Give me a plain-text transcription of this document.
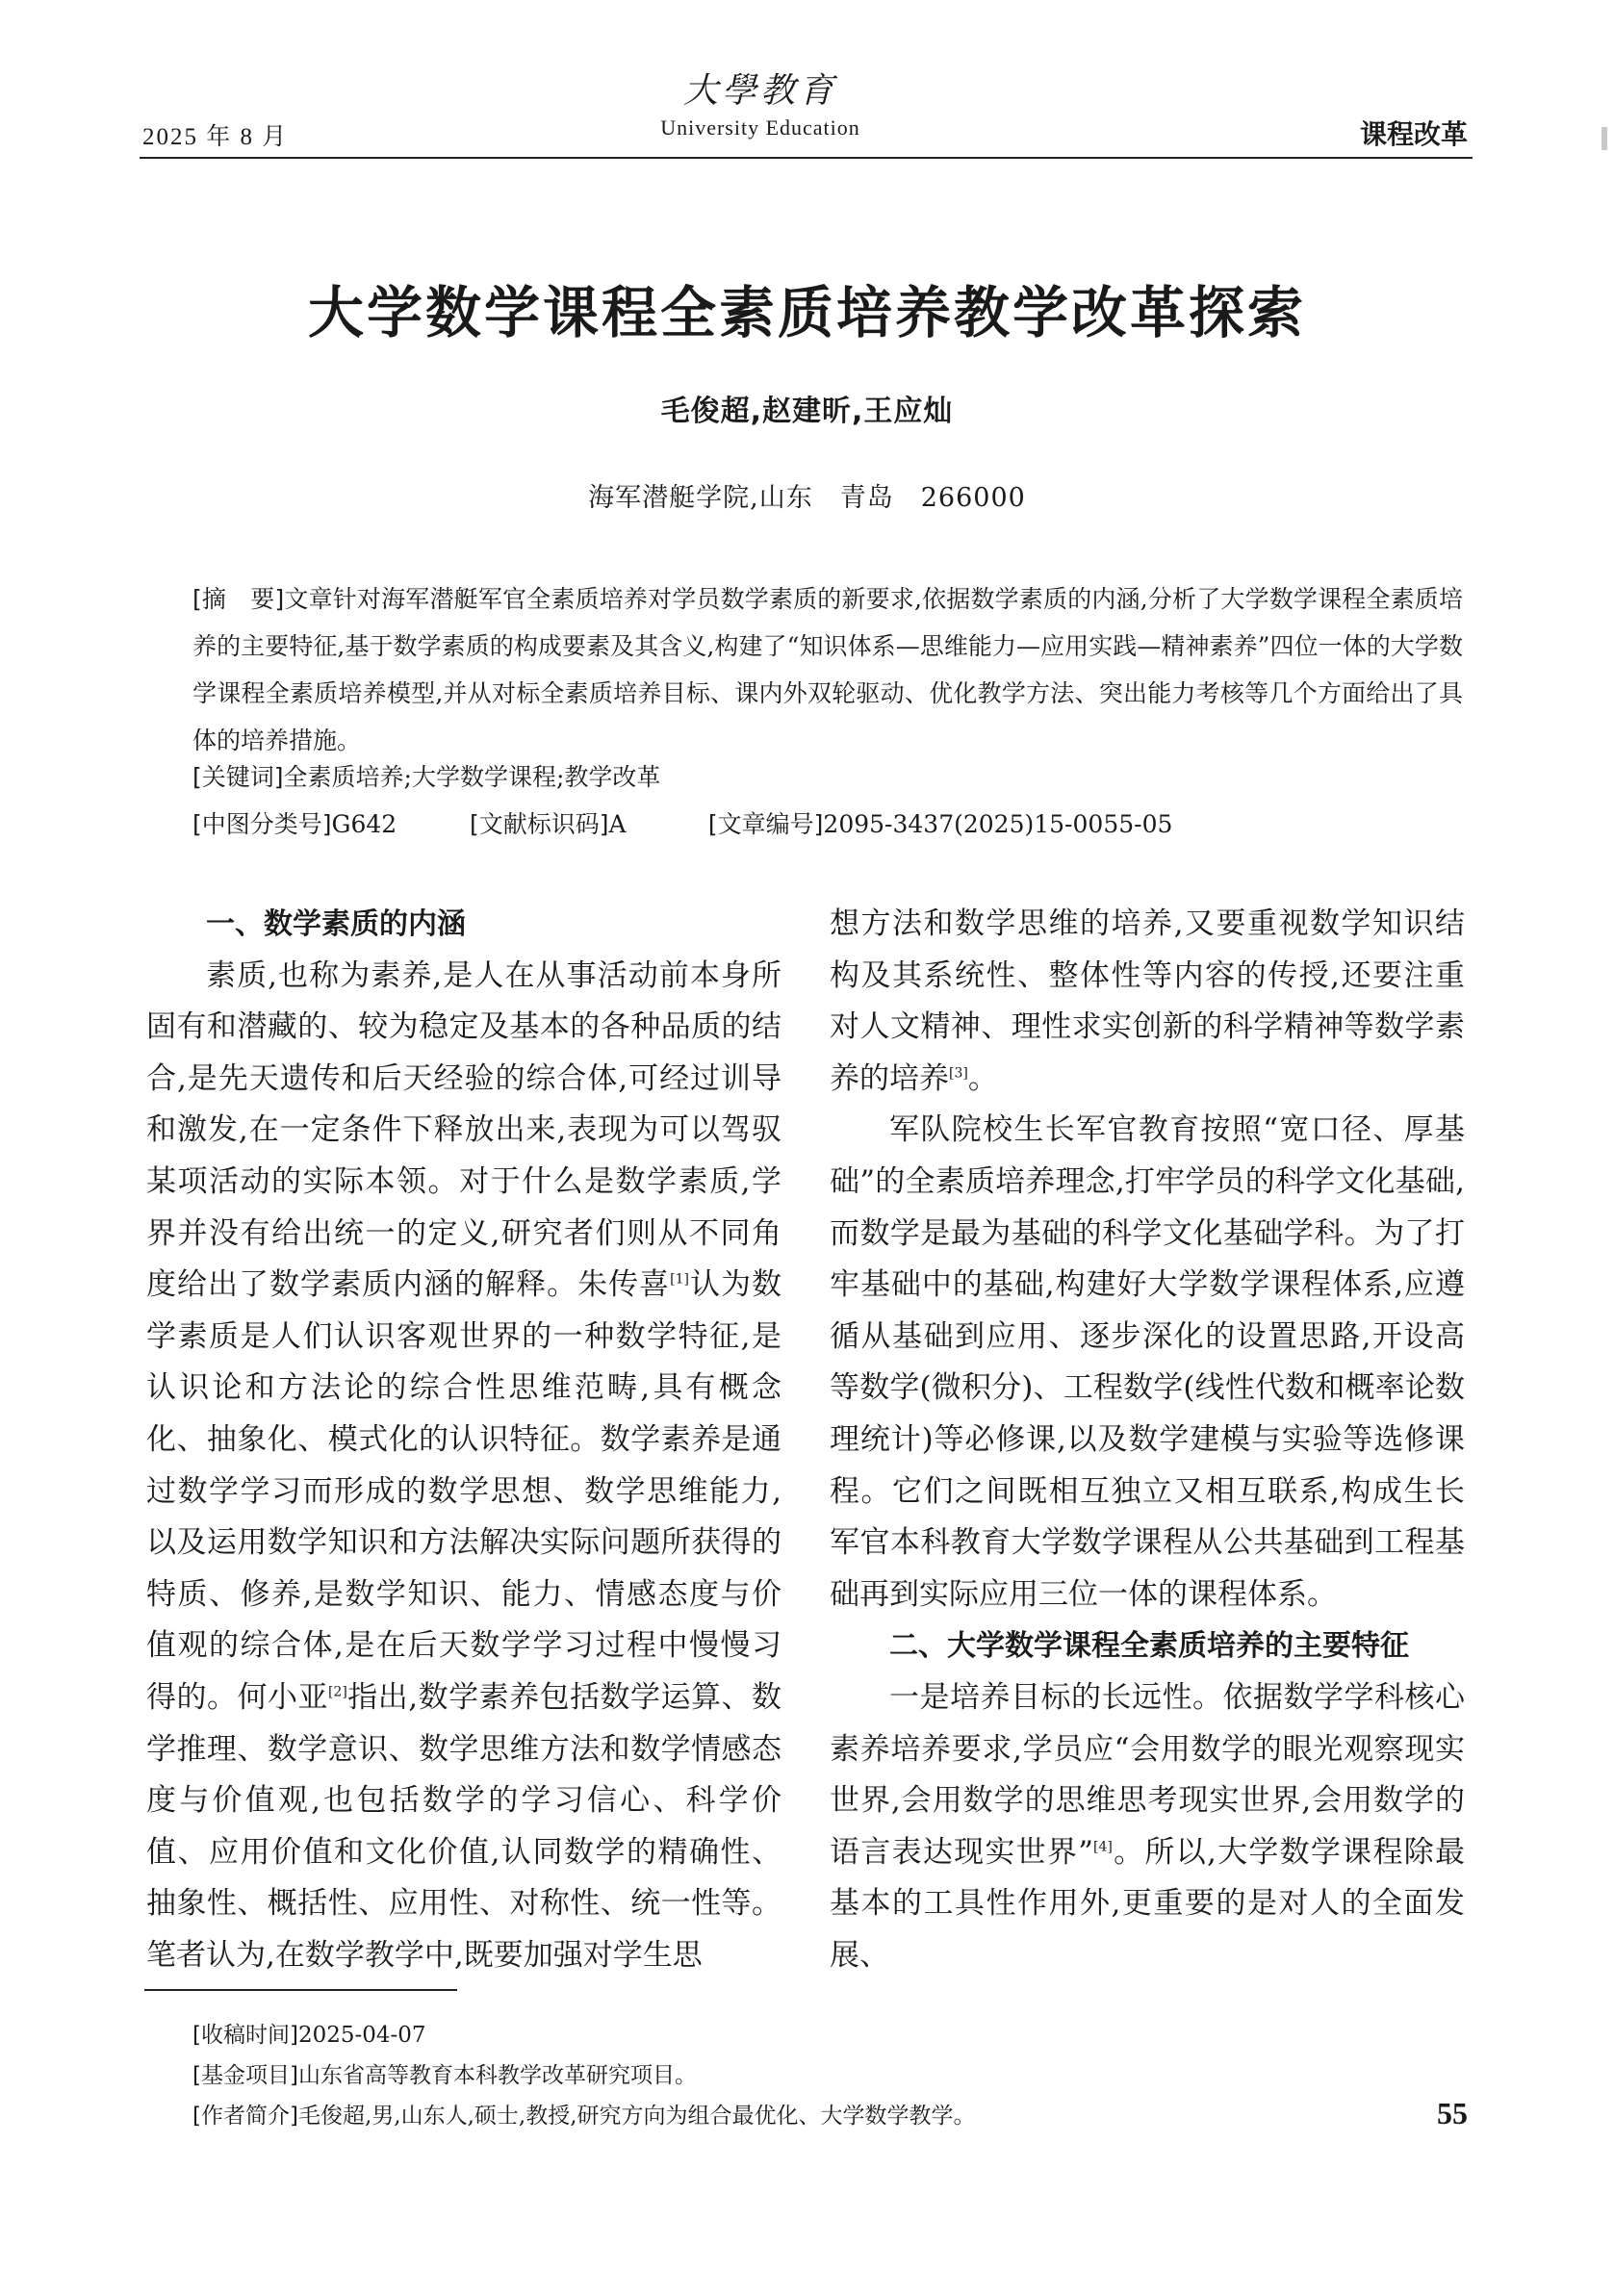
2025 年 8 月
大學教育
University Education	课程改革
大学数学课程全素质培养教学改革探索
毛俊超,赵建昕,王应灿
海军潜艇学院,山东　青岛　266000
[摘　要]文章针对海军潜艇军官全素质培养对学员数学素质的新要求,依据数学素质的内涵,分析了大学数学课程全素质培养的主要特征,基于数学素质的构成要素及其含义,构建了“知识体系—思维能力—应用实践—精神素养”四位一体的大学数学课程全素质培养模型,并从对标全素质培养目标、课内外双轮驱动、优化教学方法、突出能力考核等几个方面给出了具体的培养措施。
[关键词]全素质培养;大学数学课程;教学改革
[中图分类号]G642	[文献标识码]A	[文章编号]2095-3437(2025)15-0055-05
一、数学素质的内涵

素质,也称为素养,是人在从事活动前本身所固有和潜藏的、较为稳定及基本的各种品质的结合,是先天遗传和后天经验的综合体,可经过训导和激发,在一定条件下释放出来,表现为可以驾驭某项活动的实际本领。对于什么是数学素质,学界并没有给出统一的定义,研究者们则从不同角度给出了数学素质内涵的解释。朱传喜[1]认为数学素质是人们认识客观世界的一种数学特征,是认识论和方法论的综合性思维范畴,具有概念化、抽象化、模式化的认识特征。数学素养是通过数学学习而形成的数学思想、数学思维能力,以及运用数学知识和方法解决实际问题所获得的特质、修养,是数学知识、能力、情感态度与价值观的综合体,是在后天数学学习过程中慢慢习得的。何小亚[2]指出,数学素养包括数学运算、数学推理、数学意识、数学思维方法和数学情感态度与价值观,也包括数学的学习信心、科学价值、应用价值和文化价值,认同数学的精确性、抽象性、概括性、应用性、对称性、统一性等。笔者认为,在数学教学中,既要加强对学生思

想方法和数学思维的培养,又要重视数学知识结构及其系统性、整体性等内容的传授,还要注重对人文精神、理性求实创新的科学精神等数学素养的培养[3]。

军队院校生长军官教育按照“宽口径、厚基础”的全素质培养理念,打牢学员的科学文化基础,而数学是最为基础的科学文化基础学科。为了打牢基础中的基础,构建好大学数学课程体系,应遵循从基础到应用、逐步深化的设置思路,开设高等数学(微积分)、工程数学(线性代数和概率论数理统计)等必修课,以及数学建模与实验等选修课程。它们之间既相互独立又相互联系,构成生长军官本科教育大学数学课程从公共基础到工程基础再到实际应用三位一体的课程体系。

二、大学数学课程全素质培养的主要特征

一是培养目标的长远性。依据数学学科核心素养培养要求,学员应“会用数学的眼光观察现实世界,会用数学的思维思考现实世界,会用数学的语言表达现实世界”[4]。所以,大学数学课程除最基本的工具性作用外,更重要的是对人的全面发展、

[收稿时间]2025-04-07
[基金项目]山东省高等教育本科教学改革研究项目。
[作者简介]毛俊超,男,山东人,硕士,教授,研究方向为组合最优化、大学数学教学。	55
